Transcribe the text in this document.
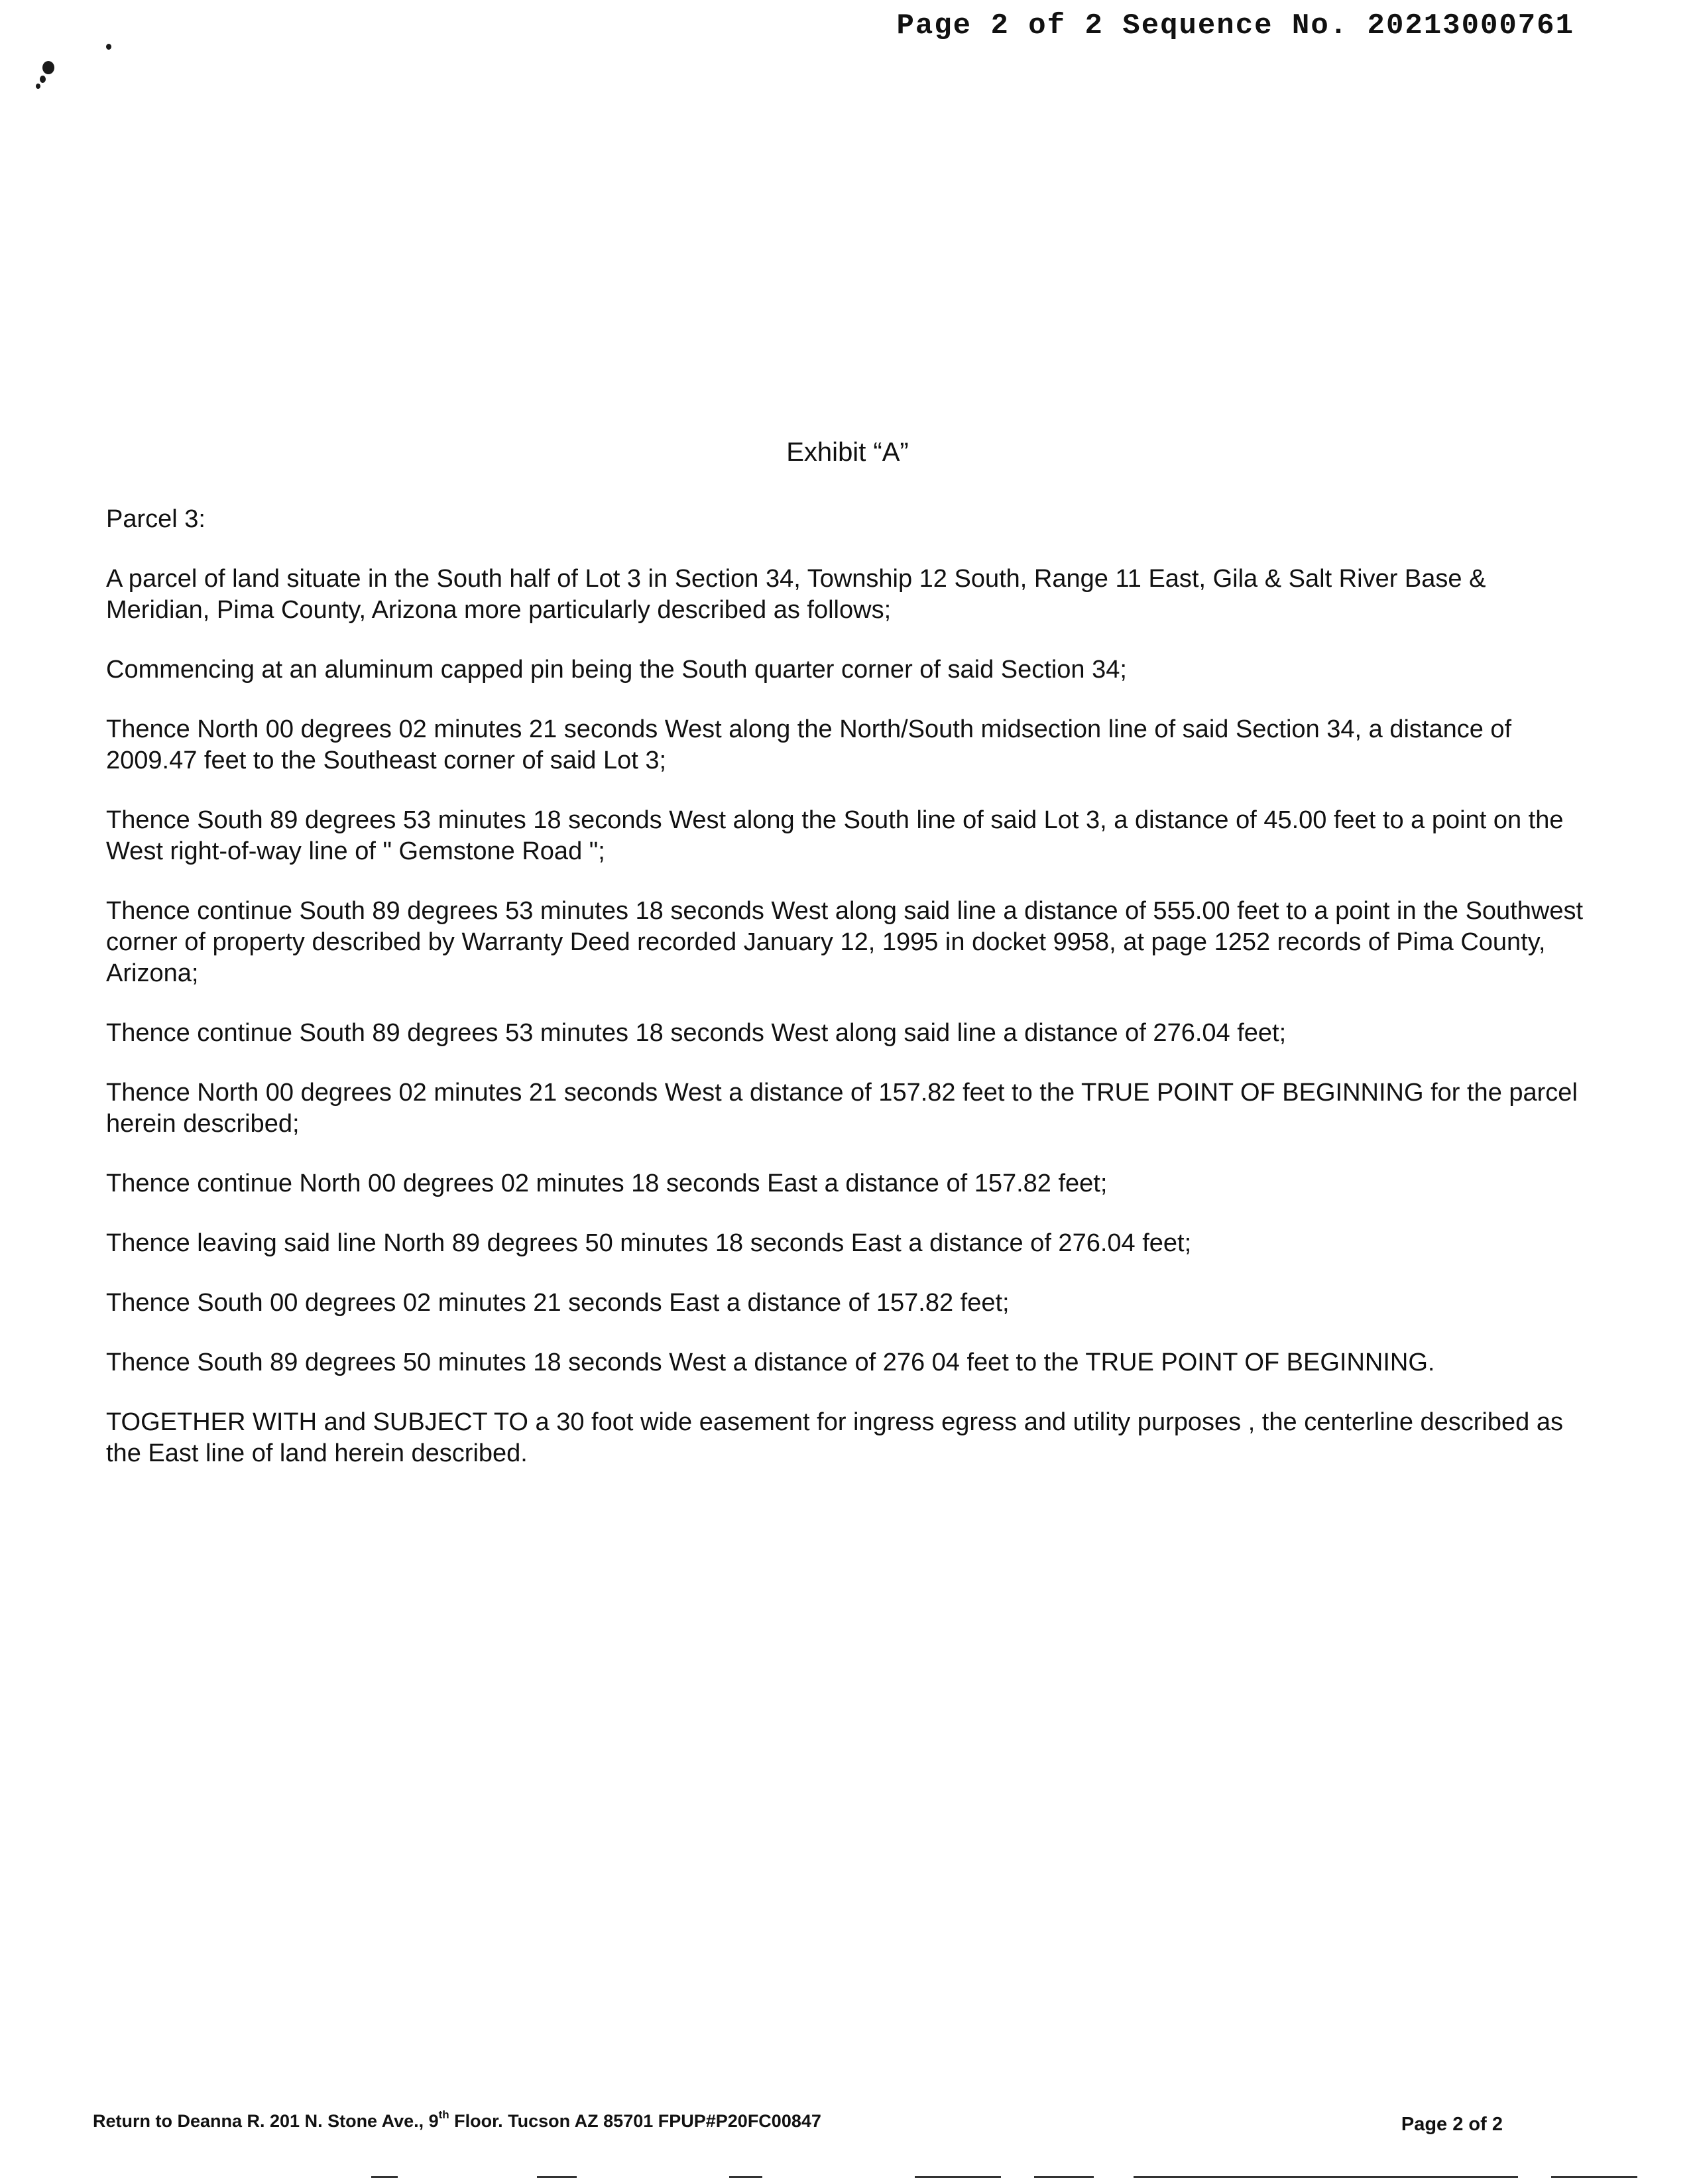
Page 2 of 2 Sequence No. 20213000761
Exhibit “A”

Parcel 3:

A parcel of land situate in the South half of Lot 3 in Section 34, Township 12 South, Range 11 East, Gila & Salt River Base & Meridian, Pima County, Arizona more particularly described as follows;

Commencing at an aluminum capped pin being the South quarter corner of said Section 34;

Thence North 00 degrees 02 minutes 21 seconds West along the North/South midsection line of said Section 34, a distance of 2009.47 feet to the Southeast corner of said Lot 3;

Thence South 89 degrees 53 minutes 18 seconds West along the South line of said Lot 3, a distance of 45.00 feet to a point on the West right-of-way line of " Gemstone Road ";

Thence continue South 89 degrees 53 minutes 18 seconds West along said line a distance of 555.00 feet to a point in the Southwest corner of property described by Warranty Deed recorded January 12, 1995 in docket 9958, at page 1252 records of Pima County, Arizona;

Thence continue South 89 degrees 53 minutes 18 seconds West along said line a distance of 276.04 feet;

Thence North 00 degrees 02 minutes 21 seconds West a distance of 157.82 feet to the TRUE POINT OF BEGINNING for the parcel herein described;

Thence continue North 00 degrees 02 minutes 18 seconds East a distance of 157.82 feet;

Thence leaving said line North 89 degrees 50 minutes 18 seconds East a distance of 276.04 feet;

Thence South 00 degrees 02 minutes 21 seconds East a distance of 157.82 feet;

Thence South 89 degrees 50 minutes 18 seconds West a distance of 276 04 feet to the TRUE POINT OF BEGINNING.

TOGETHER WITH and SUBJECT TO a 30 foot wide easement for ingress egress and utility purposes , the centerline described as the East line of land herein described.

Return to Deanna R. 201 N. Stone Ave., 9th Floor. Tucson AZ 85701 FPUP#P20FC00847	Page 2 of 2
